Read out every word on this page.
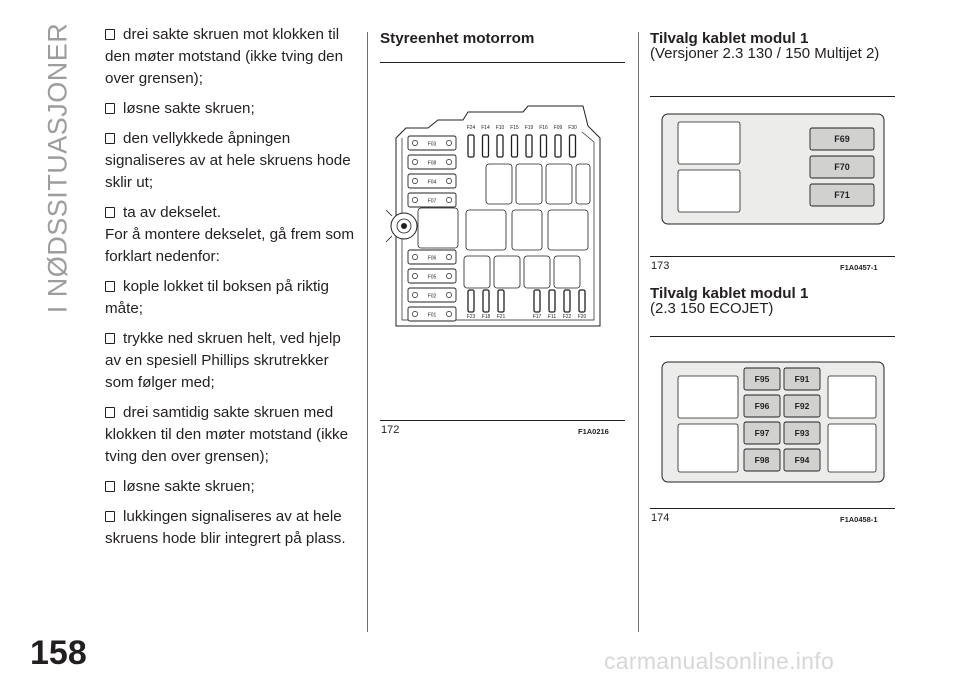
I NØDSSITUASJONER
158

drei sakte skruen mot klokken til den møter motstand (ikke tving den over grensen);

løsne sakte skruen;

den vellykkede åpningen signaliseres av at hele skruens hode sklir ut;

ta av dekselet.

For å montere dekselet, gå frem som forklart nedenfor:

kople lokket til boksen på riktig måte;

trykke ned skruen helt, ved hjelp av en spesiell Phillips skrutrekker som følger med;

drei samtidig sakte skruen med klokken til den møter motstand (ikke tving den over grensen);

løsne sakte skruen;

lukkingen signaliseres av at hele skruens hode blir integrert på plass.

Styreenhet motorrom
F03
F08
F04
F07
F06
F05
F02
F01
F24 F14 F10 F15 F19 F16 F09 F30
F23 F18 F21	F17 F11 F22 F20
172	F1A0216
Tilvalg kablet modul 1
(Versjoner 2.3 130 / 150 Multijet 2)
F69
F70
F71
173	F1A0457-1
Tilvalg kablet modul 1
(2.3 150 ECOJET)
F95
F96
F97
F98
F91
F92
F93
F94
174	F1A0458-1
carmanualsonline.info
